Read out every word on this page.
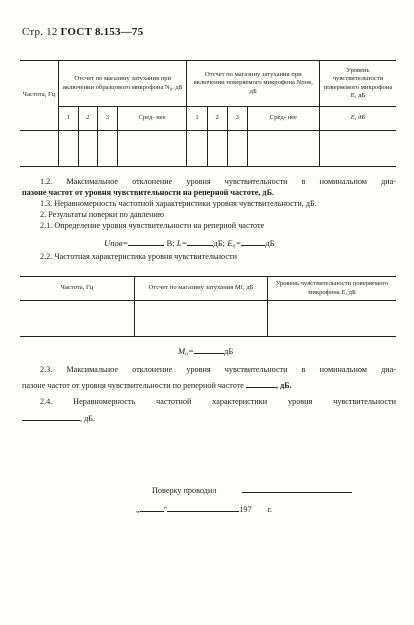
Стр. 12 ГОСТ 8.153—75
Частота, Гц	Отсчет по магазину затухания при включении образцового микрофона N₀, дБ				Отсчет по магазину затухания при включении поверяемого микрофона Nпов, дБ				Уровень чувствительности поверяемого микрофона E, дБ
	1	2	3	Сред- нее	1	2	3	Сред- нее	E, дБ

1.2. Максимальное отклонение уровня чувствительности в номинальном диа-
пазоне частот от уровня чувствительности на реперной частоте, дБ.
1.3. Неравномерность частотной характеристики уровня чувствительности, дБ.
2. Результаты поверки по давлению
2.1. Определение уровня чувствительности на реперной частоте
Uпов=	В; L=	дБ; E₀=	дБ
2.2. Частотная характеристика уровня чувствительности
Частота, Гц	Отсчет по магазину затухания Mf, дБ	Уровень чувствительности поверяемого микрофона E, дБ

M₀=	дБ
2.3. Максимальное отклонение уровня чувствительности в номинальном диа-
пазоне частот от уровня чувствительности по реперной частоте	, дБ.
2.4. Неравномерность частотной характеристики уровня чувствительности
, дБ.
Поверку проводил
„	“	197 г.
